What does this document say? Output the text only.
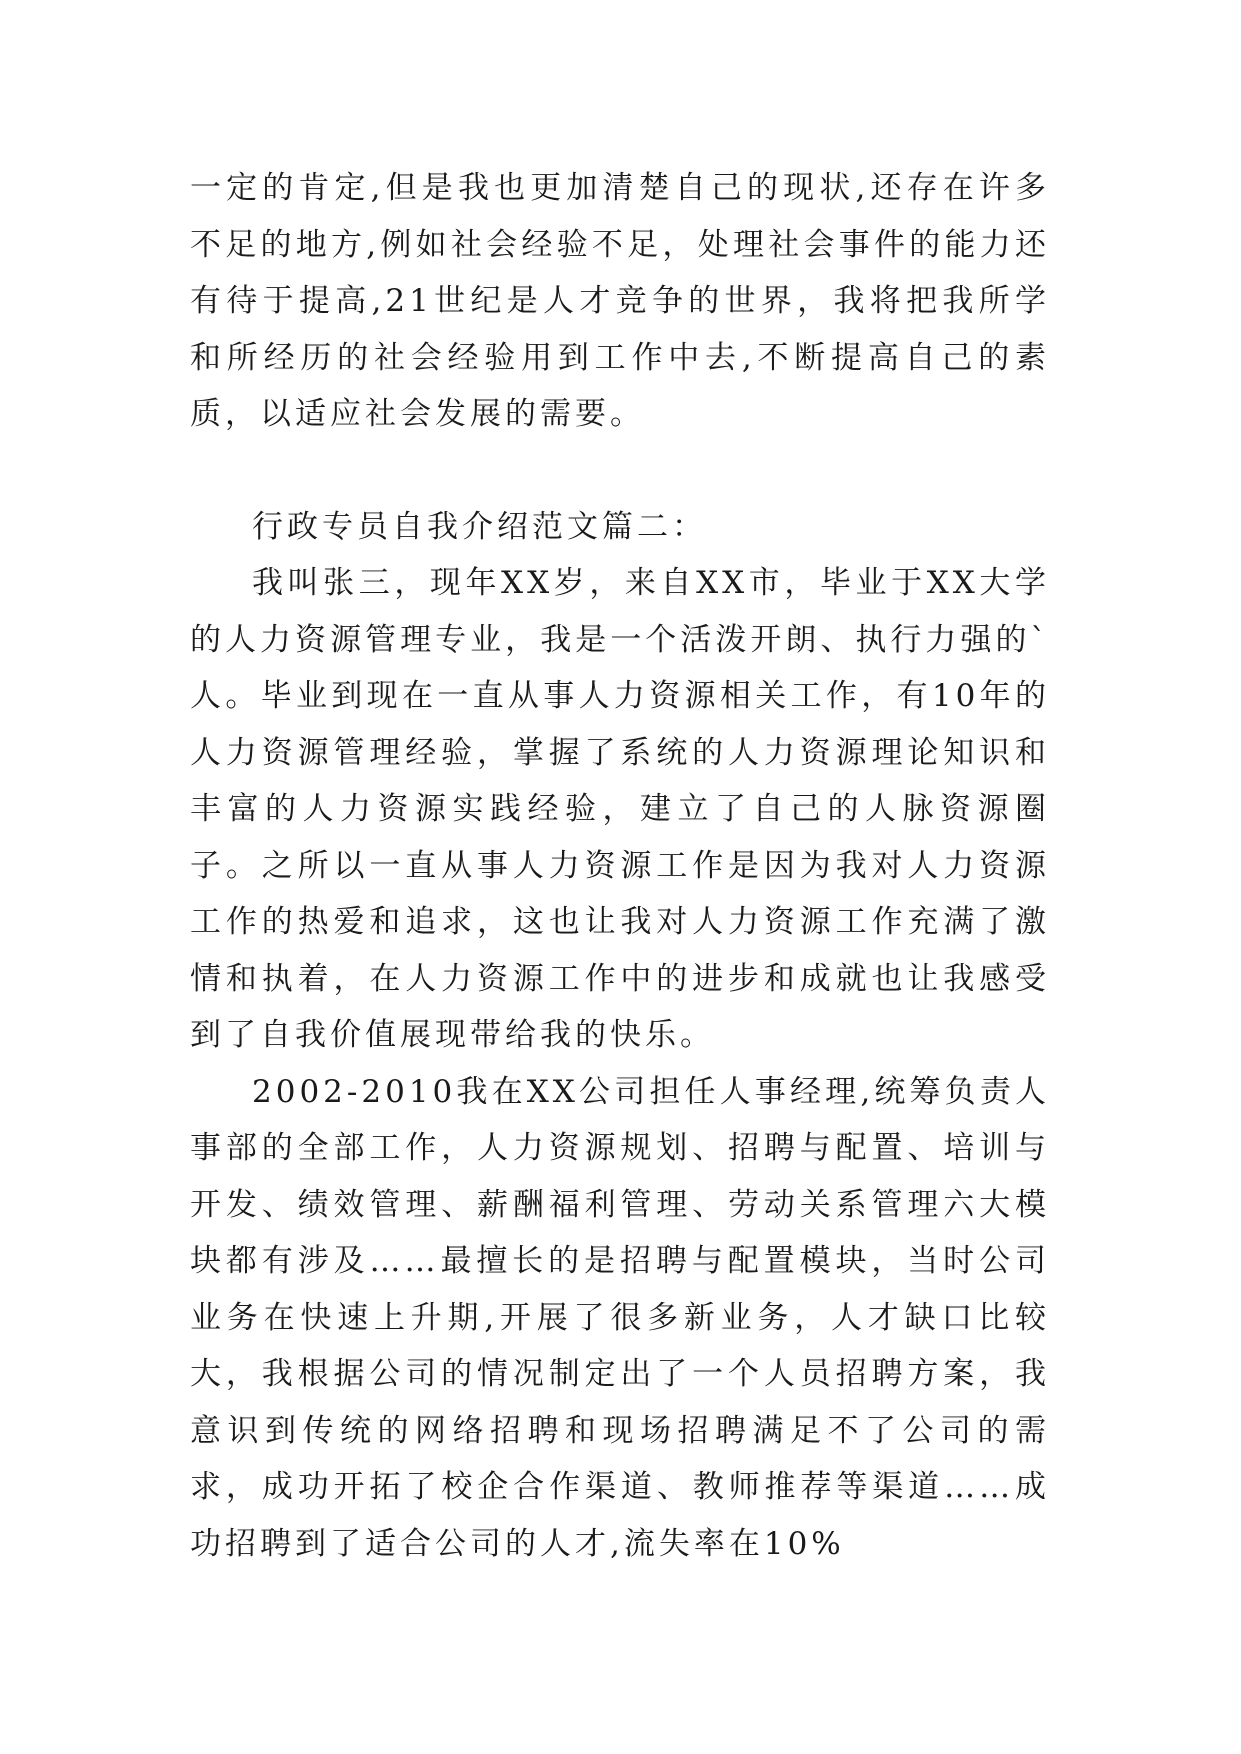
一定的肯定,但是我也更加清楚自己的现状,还存在许多不足的地方,例如社会经验不足，处理社会事件的能力还有待于提高,21世纪是人才竞争的世界，我将把我所学和所经历的社会经验用到工作中去,不断提高自己的素质，以适应社会发展的需要。

行政专员自我介绍范文篇二：

我叫张三，现年XX岁，来自XX市，毕业于XX大学的人力资源管理专业，我是一个活泼开朗、执行力强的`人。毕业到现在一直从事人力资源相关工作，有10年的人力资源管理经验，掌握了系统的人力资源理论知识和丰富的人力资源实践经验，建立了自己的人脉资源圈子。之所以一直从事人力资源工作是因为我对人力资源工作的热爱和追求，这也让我对人力资源工作充满了激情和执着，在人力资源工作中的进步和成就也让我感受到了自我价值展现带给我的快乐。

2002-2010我在XX公司担任人事经理,统筹负责人事部的全部工作，人力资源规划、招聘与配置、培训与开发、绩效管理、薪酬福利管理、劳动关系管理六大模块都有涉及……最擅长的是招聘与配置模块，当时公司业务在快速上升期,开展了很多新业务，人才缺口比较大，我根据公司的情况制定出了一个人员招聘方案，我意识到传统的网络招聘和现场招聘满足不了公司的需求，成功开拓了校企合作渠道、教师推荐等渠道……成功招聘到了适合公司的人才,流失率在10%
